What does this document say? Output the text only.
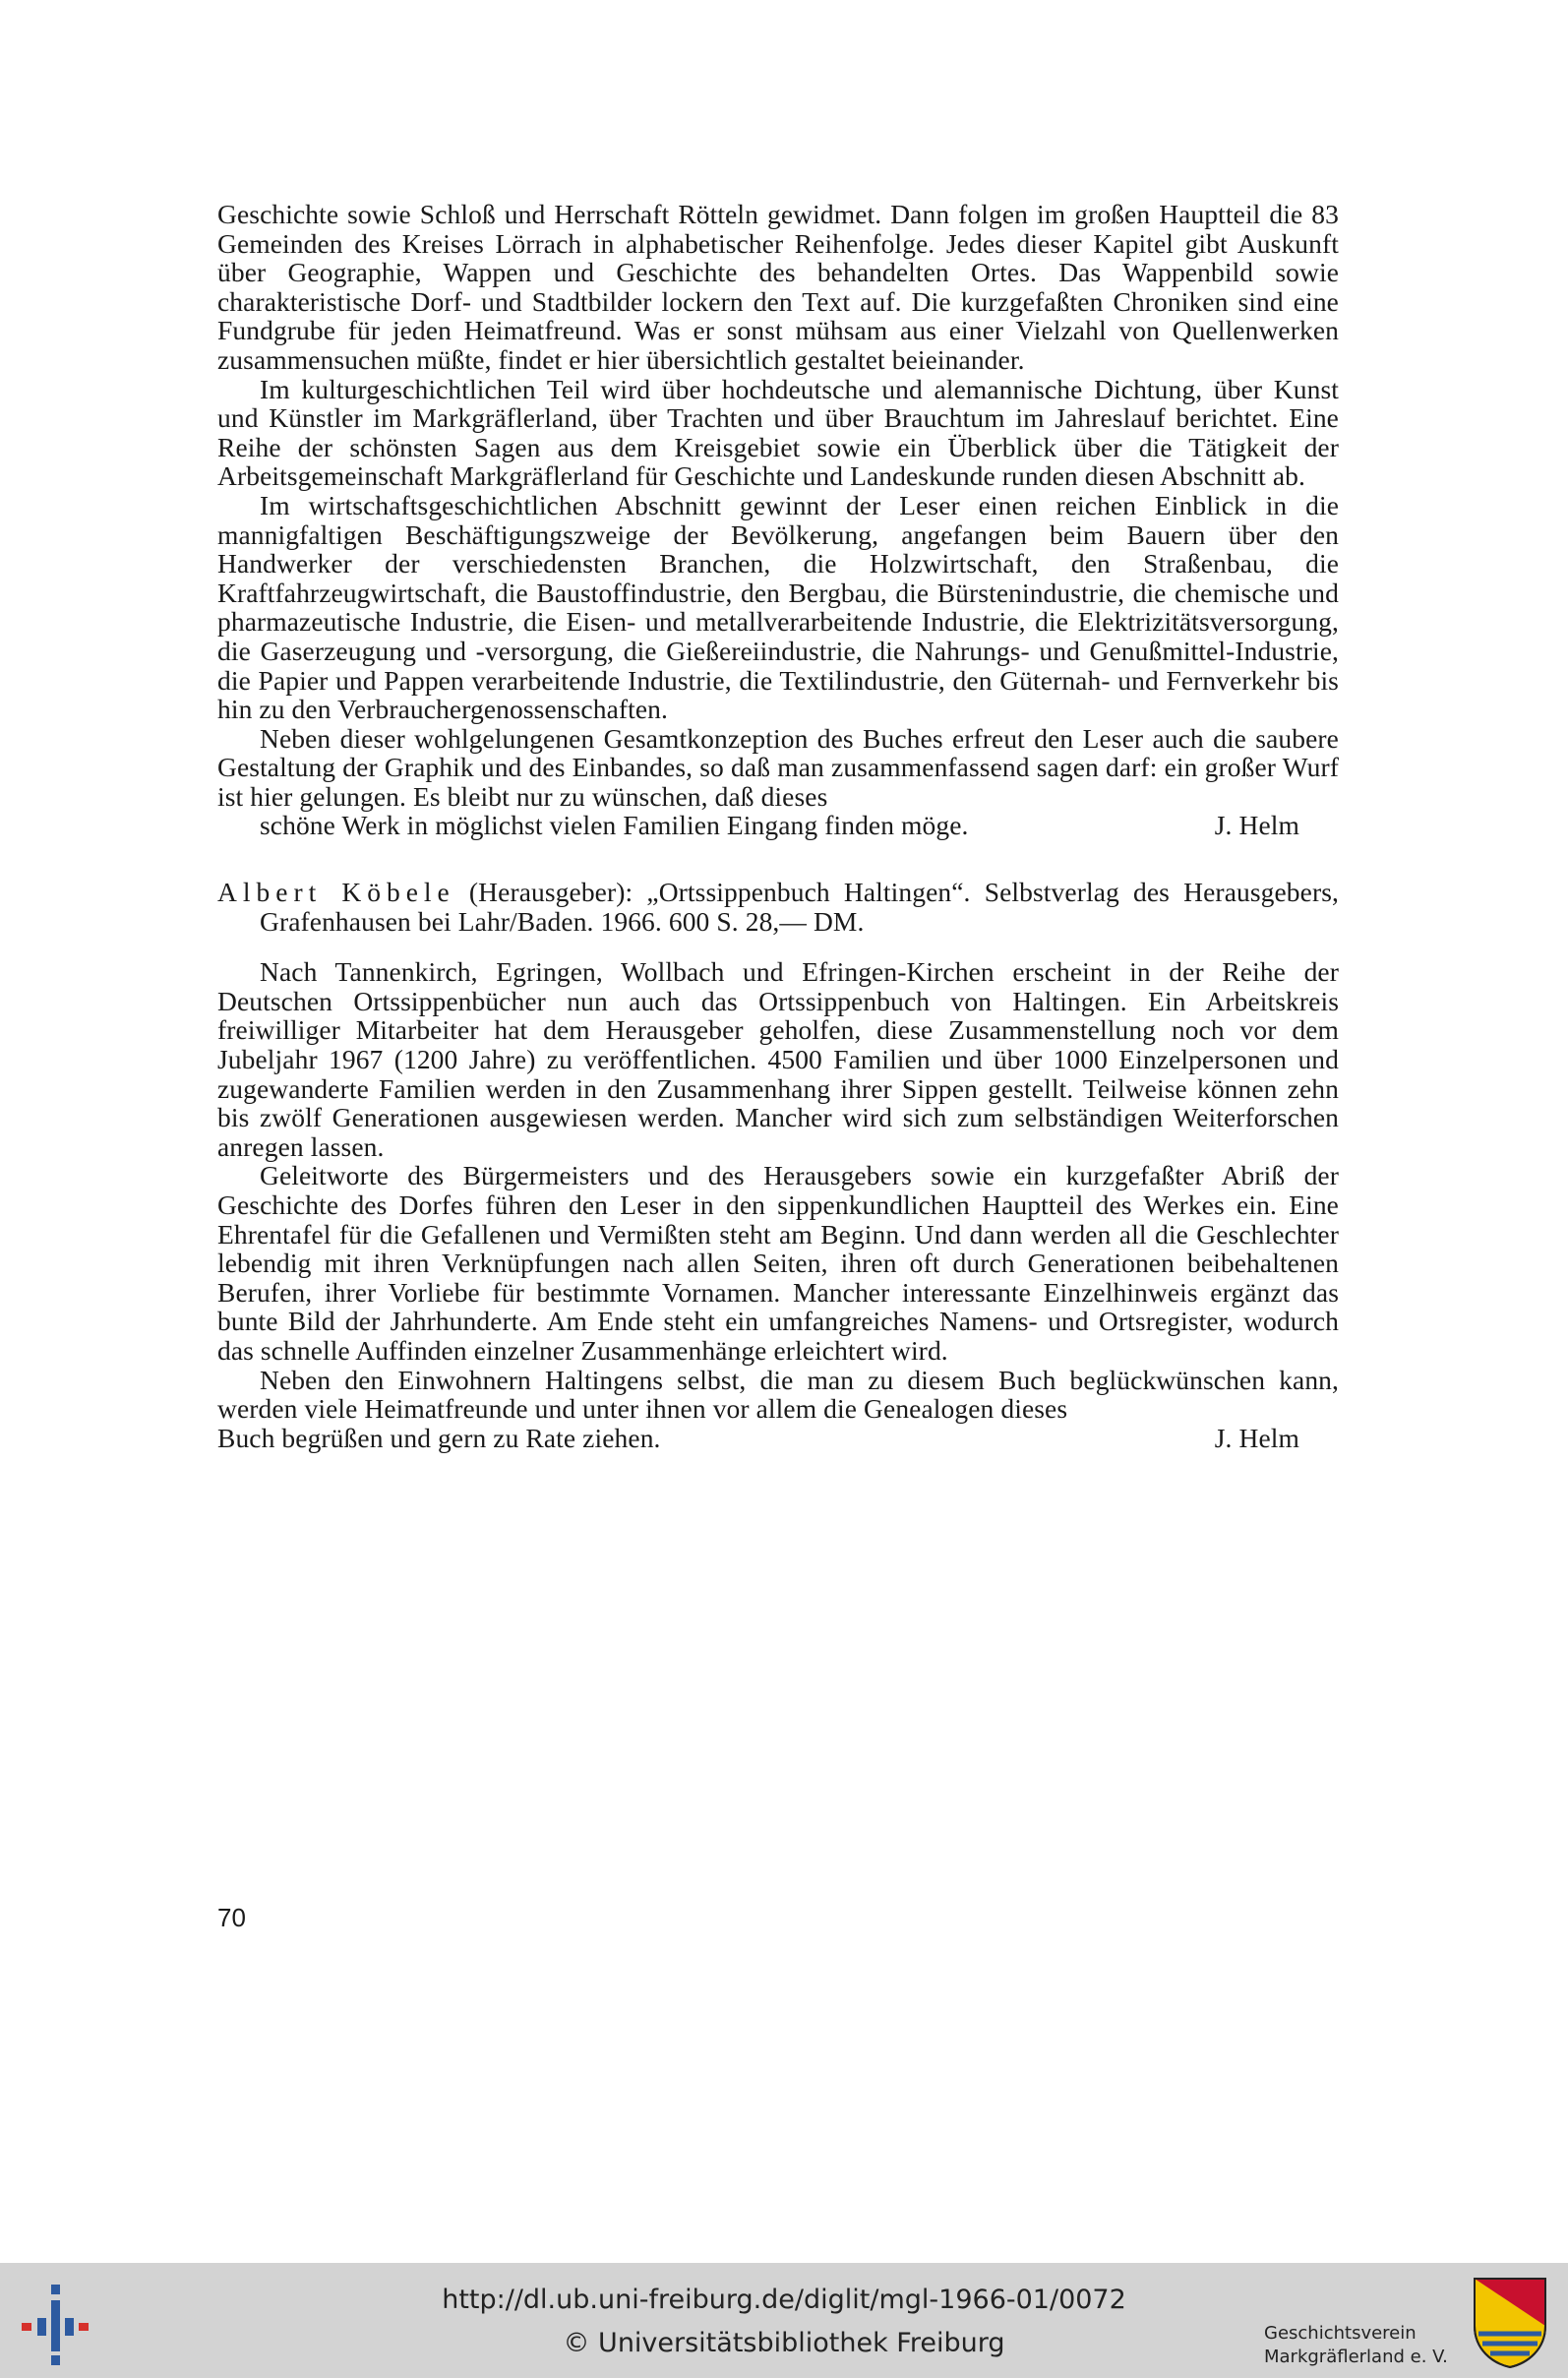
Geschichte sowie Schloß und Herrschaft Rötteln gewidmet. Dann folgen im großen Hauptteil die 83 Gemeinden des Kreises Lörrach in alphabetischer Reihenfolge. Jedes dieser Kapitel gibt Auskunft über Geographie, Wappen und Geschichte des behandelten Ortes. Das Wappenbild sowie charakteristische Dorf- und Stadtbilder lockern den Text auf. Die kurzgefaßten Chroniken sind eine Fundgrube für jeden Heimatfreund. Was er sonst mühsam aus einer Vielzahl von Quellenwerken zusammensuchen müßte, findet er hier übersichtlich gestaltet beieinander.

Im kulturgeschichtlichen Teil wird über hochdeutsche und alemannische Dichtung, über Kunst und Künstler im Markgräflerland, über Trachten und über Brauchtum im Jahreslauf berichtet. Eine Reihe der schönsten Sagen aus dem Kreisgebiet sowie ein Überblick über die Tätigkeit der Arbeitsgemeinschaft Markgräflerland für Geschichte und Landeskunde runden diesen Abschnitt ab.

Im wirtschaftsgeschichtlichen Abschnitt gewinnt der Leser einen reichen Einblick in die mannigfaltigen Beschäftigungszweige der Bevölkerung, angefangen beim Bauern über den Handwerker der verschiedensten Branchen, die Holzwirtschaft, den Straßenbau, die Kraftfahrzeugwirtschaft, die Baustoffindustrie, den Bergbau, die Bürstenindustrie, die chemische und pharmazeutische Industrie, die Eisen- und metallverarbeitende Industrie, die Elektrizitätsversorgung, die Gaserzeugung und -versorgung, die Gießereiindustrie, die Nahrungs- und Genußmittel-Industrie, die Papier und Pappen verarbeitende Industrie, die Textilindustrie, den Güternah- und Fernverkehr bis hin zu den Verbrauchergenossenschaften.

Neben dieser wohlgelungenen Gesamtkonzeption des Buches erfreut den Leser auch die saubere Gestaltung der Graphik und des Einbandes, so daß man zusammenfassend sagen darf: ein großer Wurf ist hier gelungen. Es bleibt nur zu wünschen, daß dieses

schöne Werk in möglichst vielen Familien Eingang finden möge.	J. Helm

Albert Köbele (Herausgeber): „Ortssippenbuch Haltingen“. Selbstverlag des Herausgebers, Grafenhausen bei Lahr/Baden. 1966. 600 S. 28,— DM.

Nach Tannenkirch, Egringen, Wollbach und Efringen-Kirchen erscheint in der Reihe der Deutschen Ortssippenbücher nun auch das Ortssippenbuch von Haltingen. Ein Arbeitskreis freiwilliger Mitarbeiter hat dem Herausgeber geholfen, diese Zusammenstellung noch vor dem Jubeljahr 1967 (1200 Jahre) zu veröffentlichen. 4500 Familien und über 1000 Einzelpersonen und zugewanderte Familien werden in den Zusammenhang ihrer Sippen gestellt. Teilweise können zehn bis zwölf Generationen ausgewiesen werden. Mancher wird sich zum selbständigen Weiterforschen anregen lassen.

Geleitworte des Bürgermeisters und des Herausgebers sowie ein kurzgefaßter Abriß der Geschichte des Dorfes führen den Leser in den sippenkundlichen Hauptteil des Werkes ein. Eine Ehrentafel für die Gefallenen und Vermißten steht am Beginn. Und dann werden all die Geschlechter lebendig mit ihren Verknüpfungen nach allen Seiten, ihren oft durch Generationen beibehaltenen Berufen, ihrer Vorliebe für bestimmte Vornamen. Mancher interessante Einzelhinweis ergänzt das bunte Bild der Jahrhunderte. Am Ende steht ein umfangreiches Namens- und Ortsregister, wodurch das schnelle Auffinden einzelner Zusammenhänge erleichtert wird.

Neben den Einwohnern Haltingens selbst, die man zu diesem Buch beglückwünschen kann, werden viele Heimatfreunde und unter ihnen vor allem die Genealogen dieses

Buch begrüßen und gern zu Rate ziehen.	J. Helm
70
http://dl.ub.uni-freiburg.de/diglit/mgl-1966-01/0072
© Universitätsbibliothek Freiburg	Geschichtsverein
Markgräflerland e. V.
